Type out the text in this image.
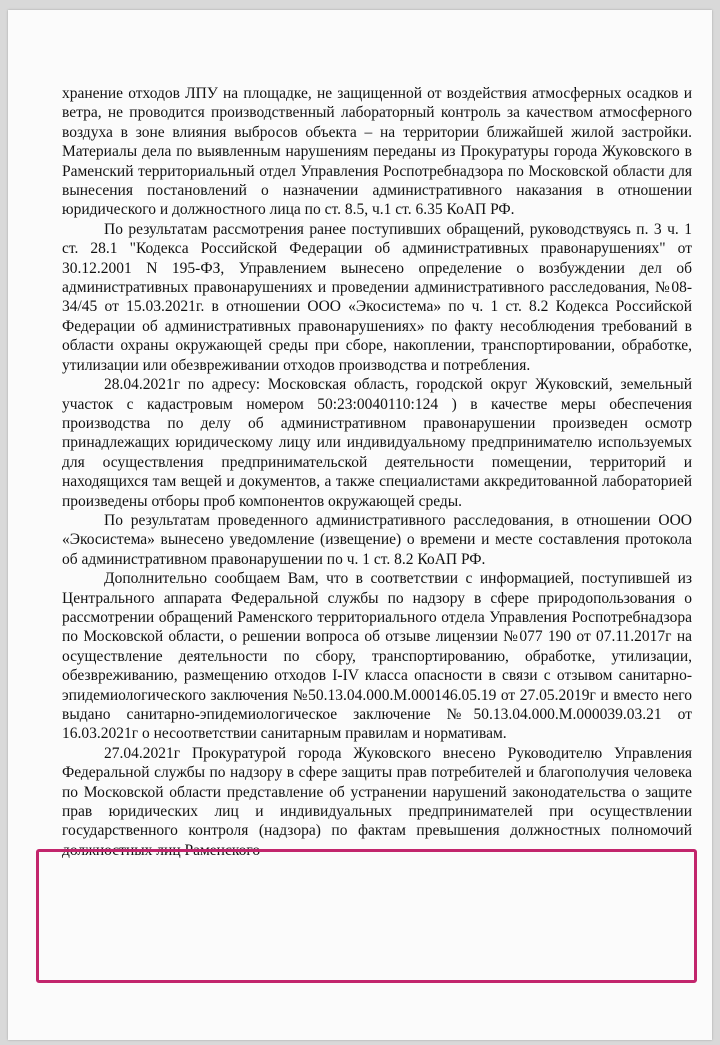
хранение отходов ЛПУ на площадке, не защищенной от воздействия атмосферных осадков и ветра, не проводится производственный лабораторный контроль за качеством атмосферного воздуха в зоне влияния выбросов объекта – на территории ближайшей жилой застройки. Материалы дела по выявленным нарушениям переданы из Прокуратуры города Жуковского в Раменский территориальный отдел Управления Роспотребнадзора по Московской области для вынесения постановлений о назначении административного наказания в отношении юридического и должностного лица по ст. 8.5, ч.1 ст. 6.35 КоАП РФ.

По результатам рассмотрения ранее поступивших обращений, руководствуясь п. 3 ч. 1 ст. 28.1 "Кодекса Российской Федерации об административных правонарушениях" от 30.12.2001 N 195-ФЗ, Управлением вынесено определение о возбуждении дел об административных правонарушениях и проведении административного расследования, №08-34/45 от 15.03.2021г. в отношении ООО «Экосистема» по ч. 1 ст. 8.2 Кодекса Российской Федерации об административных правонарушениях» по факту несоблюдения требований в области охраны окружающей среды при сборе, накоплении, транспортировании, обработке, утилизации или обезвреживании отходов производства и потребления.

28.04.2021г по адресу: Московская область, городской округ Жуковский, земельный участок с кадастровым номером 50:23:0040110:124 ) в качестве меры обеспечения производства по делу об административном правонарушении произведен осмотр принадлежащих юридическому лицу или индивидуальному предпринимателю используемых для осуществления предпринимательской деятельности помещении, территорий и находящихся там вещей и документов, а также специалистами аккредитованной лабораторией произведены отборы проб компонентов окружающей среды.

По результатам проведенного административного расследования, в отношении ООО «Экосистема» вынесено уведомление (извещение) о времени и месте составления протокола об административном правонарушении по ч. 1 ст. 8.2 КоАП РФ.

Дополнительно сообщаем Вам, что в соответствии с информацией, поступившей из Центрального аппарата Федеральной службы по надзору в сфере природопользования о рассмотрении обращений Раменского территориального отдела Управления Роспотребнадзора по Московской области, о решении вопроса об отзыве лицензии №077 190 от 07.11.2017г на осуществление деятельности по сбору, транспортированию, обработке, утилизации, обезвреживанию, размещению отходов I-IV класса опасности в связи с отзывом санитарно-эпидемиологического заключения №50.13.04.000.М.000146.05.19 от 27.05.2019г и вместо него выдано санитарно-эпидемиологическое заключение №50.13.04.000.М.000039.03.21 от 16.03.2021г о несоответствии санитарным правилам и нормативам.

27.04.2021г Прокуратурой города Жуковского внесено Руководителю Управления Федеральной службы по надзору в сфере защиты прав потребителей и благополучия человека по Московской области представление об устранении нарушений законодательства о защите прав юридических лиц и индивидуальных предпринимателей при осуществлении государственного контроля (надзора) по фактам превышения должностных полномочий должностных лиц Раменского
